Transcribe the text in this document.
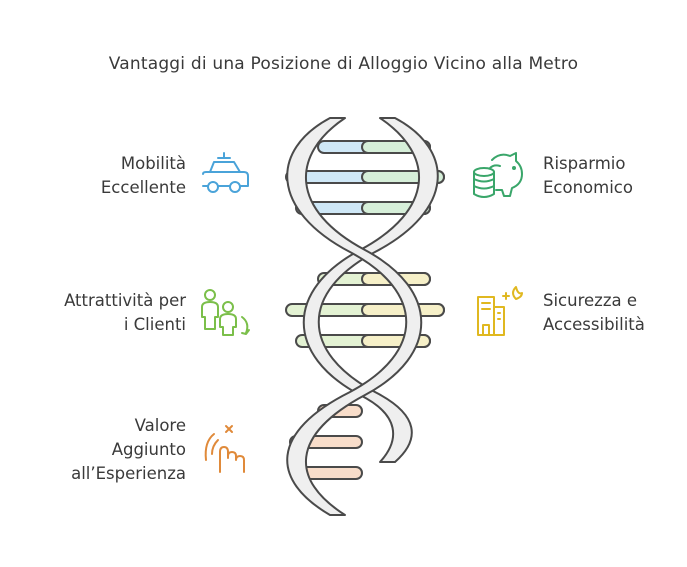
Vantaggi di una Posizione di Alloggio Vicino alla Metro
Mobilità
Eccellente
Risparmio
Economico
Attrattività per
i Clienti
Sicurezza e
Accessibilità
Valore
Aggiunto
all’Esperienza
